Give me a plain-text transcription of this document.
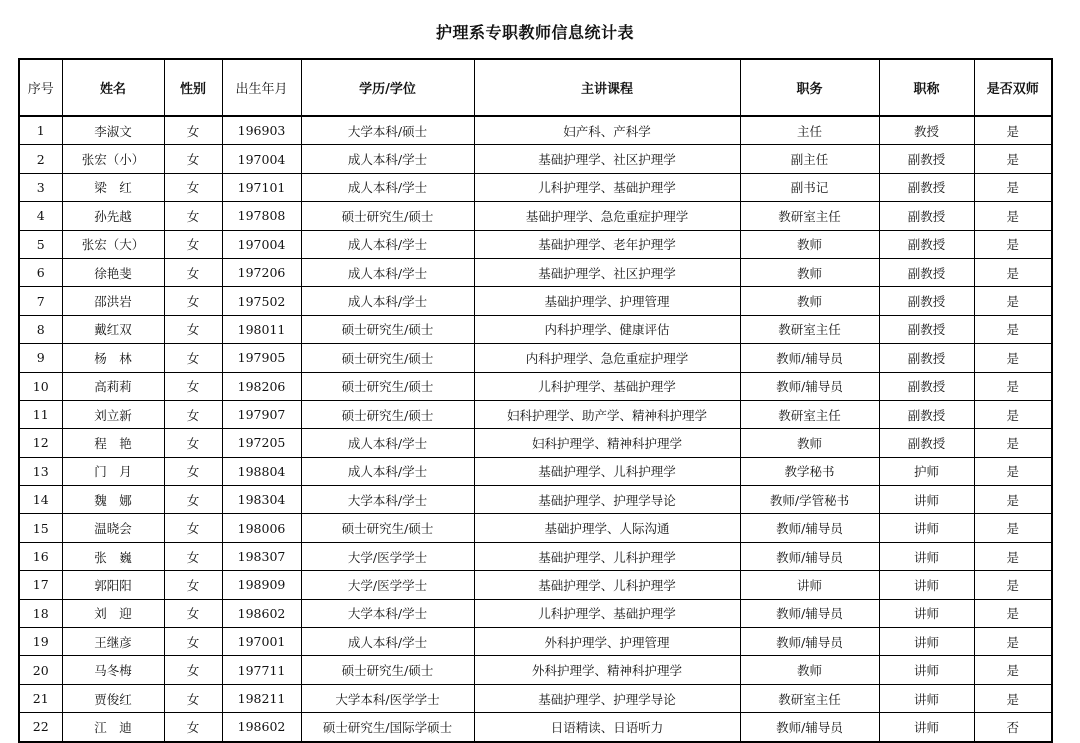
护理系专职教师信息统计表
序号	姓名	性别	出生年月	学历/学位	主讲课程	职务	职称	是否双师
1	李淑文	女	196903	大学本科/硕士	妇产科、产科学	主任	教授	是
2	张宏（小）	女	197004	成人本科/学士	基础护理学、社区护理学	副主任	副教授	是
3	梁　红	女	197101	成人本科/学士	儿科护理学、基础护理学	副书记	副教授	是
4	孙先越	女	197808	硕士研究生/硕士	基础护理学、急危重症护理学	教研室主任	副教授	是
5	张宏（大）	女	197004	成人本科/学士	基础护理学、老年护理学	教师	副教授	是
6	徐艳斐	女	197206	成人本科/学士	基础护理学、社区护理学	教师	副教授	是
7	邵洪岩	女	197502	成人本科/学士	基础护理学、护理管理	教师	副教授	是
8	戴红双	女	198011	硕士研究生/硕士	内科护理学、健康评估	教研室主任	副教授	是
9	杨　林	女	197905	硕士研究生/硕士	内科护理学、急危重症护理学	教师/辅导员	副教授	是
10	高莉莉	女	198206	硕士研究生/硕士	儿科护理学、基础护理学	教师/辅导员	副教授	是
11	刘立新	女	197907	硕士研究生/硕士	妇科护理学、助产学、精神科护理学	教研室主任	副教授	是
12	程　艳	女	197205	成人本科/学士	妇科护理学、精神科护理学	教师	副教授	是
13	门　月	女	198804	成人本科/学士	基础护理学、儿科护理学	教学秘书	护师	是
14	魏　娜	女	198304	大学本科/学士	基础护理学、护理学导论	教师/学管秘书	讲师	是
15	温晓会	女	198006	硕士研究生/硕士	基础护理学、人际沟通	教师/辅导员	讲师	是
16	张　巍	女	198307	大学/医学学士	基础护理学、儿科护理学	教师/辅导员	讲师	是
17	郭阳阳	女	198909	大学/医学学士	基础护理学、儿科护理学	讲师	讲师	是
18	刘　迎	女	198602	大学本科/学士	儿科护理学、基础护理学	教师/辅导员	讲师	是
19	王继彦	女	197001	成人本科/学士	外科护理学、护理管理	教师/辅导员	讲师	是
20	马冬梅	女	197711	硕士研究生/硕士	外科护理学、精神科护理学	教师	讲师	是
21	贾俊红	女	198211	大学本科/医学学士	基础护理学、护理学导论	教研室主任	讲师	是
22	江　迪	女	198602	硕士研究生/国际学硕士	日语精读、日语听力	教师/辅导员	讲师	否
